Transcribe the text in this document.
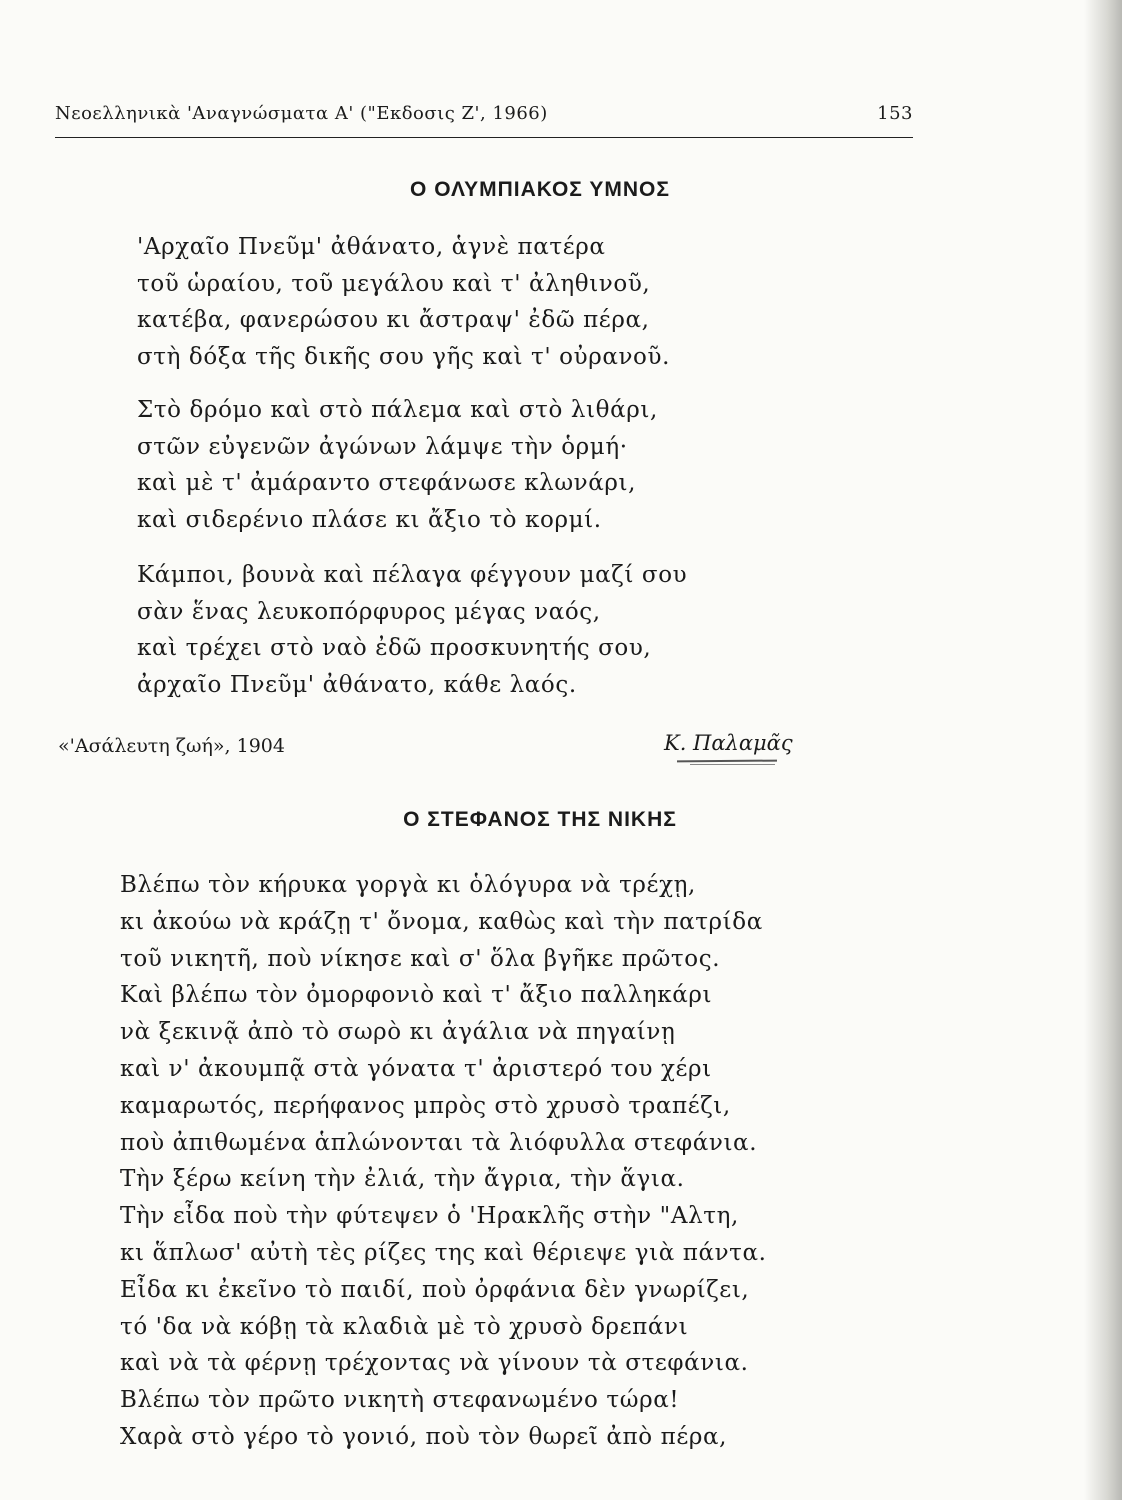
Νεοελληνικὰ 'Αναγνώσματα Α' ("Εκδοσις Ζ', 1966)	153
Ο ΟΛΥΜΠΙΑΚΟΣ ΥΜΝΟΣ
'Αρχαῖο Πνεῦμ' ἀθάνατο, ἁγνὲ πατέρα
τοῦ ὡραίου, τοῦ μεγάλου καὶ τ' ἀληθινοῦ,
κατέβα, φανερώσου κι ἄστραψ' ἐδῶ πέρα,
στὴ δόξα τῆς δικῆς σου γῆς καὶ τ' οὐρανοῦ.
Στὸ δρόμο καὶ στὸ πάλεμα καὶ στὸ λιθάρι,
στῶν εὐγενῶν ἀγώνων λάμψε τὴν ὁρμή·
καὶ μὲ τ' ἀμάραντο στεφάνωσε κλωνάρι,
καὶ σιδερένιο πλάσε κι ἄξιο τὸ κορμί.
Κάμποι, βουνὰ καὶ πέλαγα φέγγουν μαζί σου
σὰν ἕνας λευκοπόρφυρος μέγας ναός,
καὶ τρέχει στὸ ναὸ ἐδῶ προσκυνητής σου,
ἀρχαῖο Πνεῦμ' ἀθάνατο, κάθε λαός.
«'Ασάλευτη ζωή», 1904	Κ. Παλαμᾶς
Ο ΣΤΕΦΑΝΟΣ ΤΗΣ ΝΙΚΗΣ
Βλέπω τὸν κήρυκα γοργὰ κι ὁλόγυρα νὰ τρέχῃ,
κι ἀκούω νὰ κράζῃ τ' ὄνομα, καθὼς καὶ τὴν πατρίδα
τοῦ νικητῆ, ποὺ νίκησε καὶ σ' ὅλα βγῆκε πρῶτος.
Καὶ βλέπω τὸν ὀμορφονιὸ καὶ τ' ἄξιο παλληκάρι
νὰ ξεκινᾷ ἀπὸ τὸ σωρὸ κι ἀγάλια νὰ πηγαίνῃ
καὶ ν' ἀκουμπᾷ στὰ γόνατα τ' ἀριστερό του χέρι
καμαρωτός, περήφανος μπρὸς στὸ χρυσὸ τραπέζι,
ποὺ ἀπιθωμένα ἁπλώνονται τὰ λιόφυλλα στεφάνια.
Τὴν ξέρω κείνη τὴν ἐλιά, τὴν ἄγρια, τὴν ἅγια.
Τὴν εἶδα ποὺ τὴν φύτεψεν ὁ 'Ηρακλῆς στὴν "Αλτη,
κι ἅπλωσ' αὐτὴ τὲς ρίζες της καὶ θέριεψε γιὰ πάντα.
Εἶδα κι ἐκεῖνο τὸ παιδί, ποὺ ὀρφάνια δὲν γνωρίζει,
τό 'δα νὰ κόβῃ τὰ κλαδιὰ μὲ τὸ χρυσὸ δρεπάνι
καὶ νὰ τὰ φέρνῃ τρέχοντας νὰ γίνουν τὰ στεφάνια.
Βλέπω τὸν πρῶτο νικητὴ στεφανωμένο τώρα!
Χαρὰ στὸ γέρο τὸ γονιό, ποὺ τὸν θωρεῖ ἀπὸ πέρα,
